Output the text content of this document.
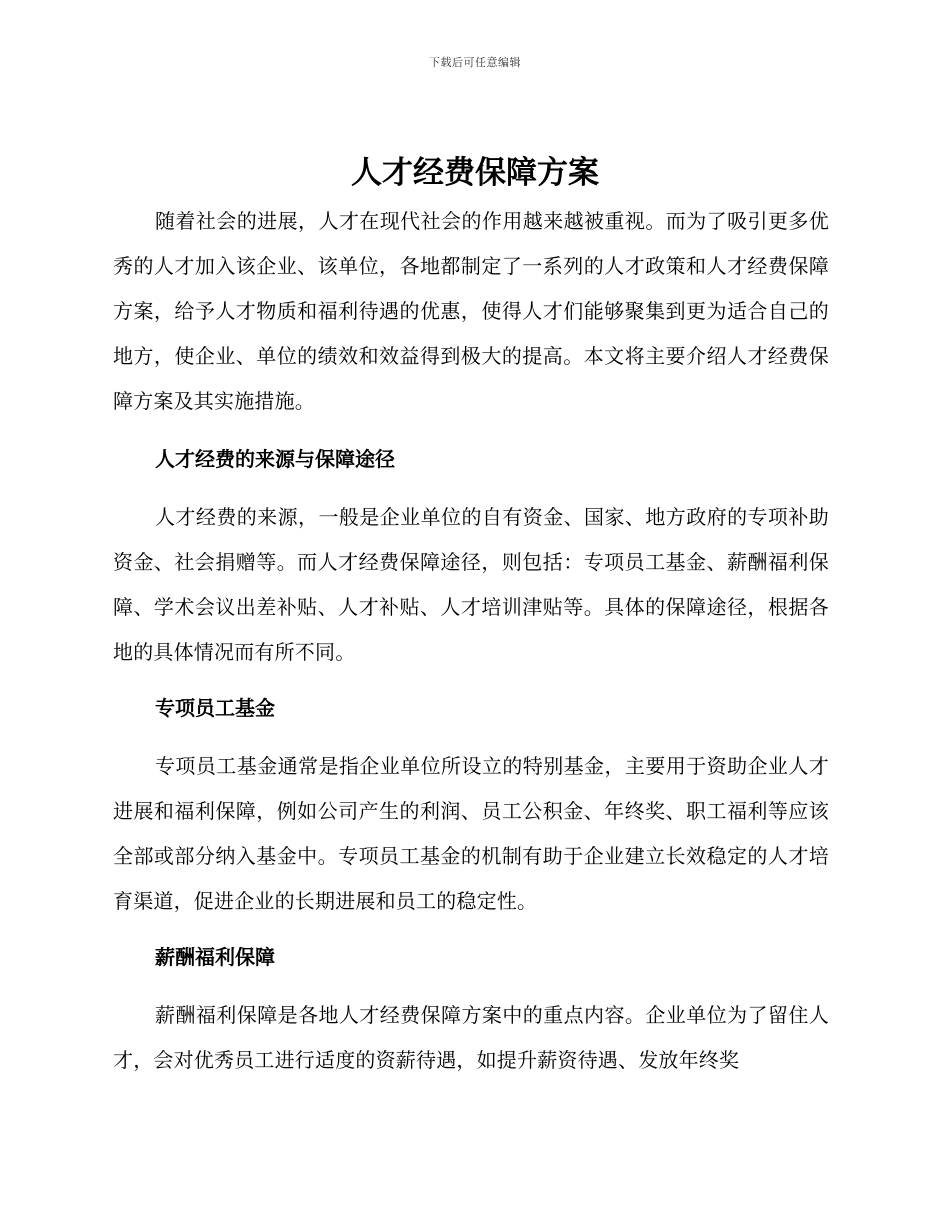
下载后可任意编辑
人才经费保障方案

随着社会的进展，人才在现代社会的作用越来越被重视。而为了吸引更多优秀的人才加入该企业、该单位，各地都制定了一系列的人才政策和人才经费保障方案，给予人才物质和福利待遇的优惠，使得人才们能够聚集到更为适合自己的地方，使企业、单位的绩效和效益得到极大的提高。本文将主要介绍人才经费保障方案及其实施措施。

人才经费的来源与保障途径

人才经费的来源，一般是企业单位的自有资金、国家、地方政府的专项补助资金、社会捐赠等。而人才经费保障途径，则包括：专项员工基金、薪酬福利保障、学术会议出差补贴、人才补贴、人才培训津贴等。具体的保障途径，根据各地的具体情况而有所不同。

专项员工基金

专项员工基金通常是指企业单位所设立的特别基金，主要用于资助企业人才进展和福利保障，例如公司产生的利润、员工公积金、年终奖、职工福利等应该全部或部分纳入基金中。专项员工基金的机制有助于企业建立长效稳定的人才培育渠道，促进企业的长期进展和员工的稳定性。

薪酬福利保障

薪酬福利保障是各地人才经费保障方案中的重点内容。企业单位为了留住人才，会对优秀员工进行适度的资薪待遇，如提升薪资待遇、发放年终奖
